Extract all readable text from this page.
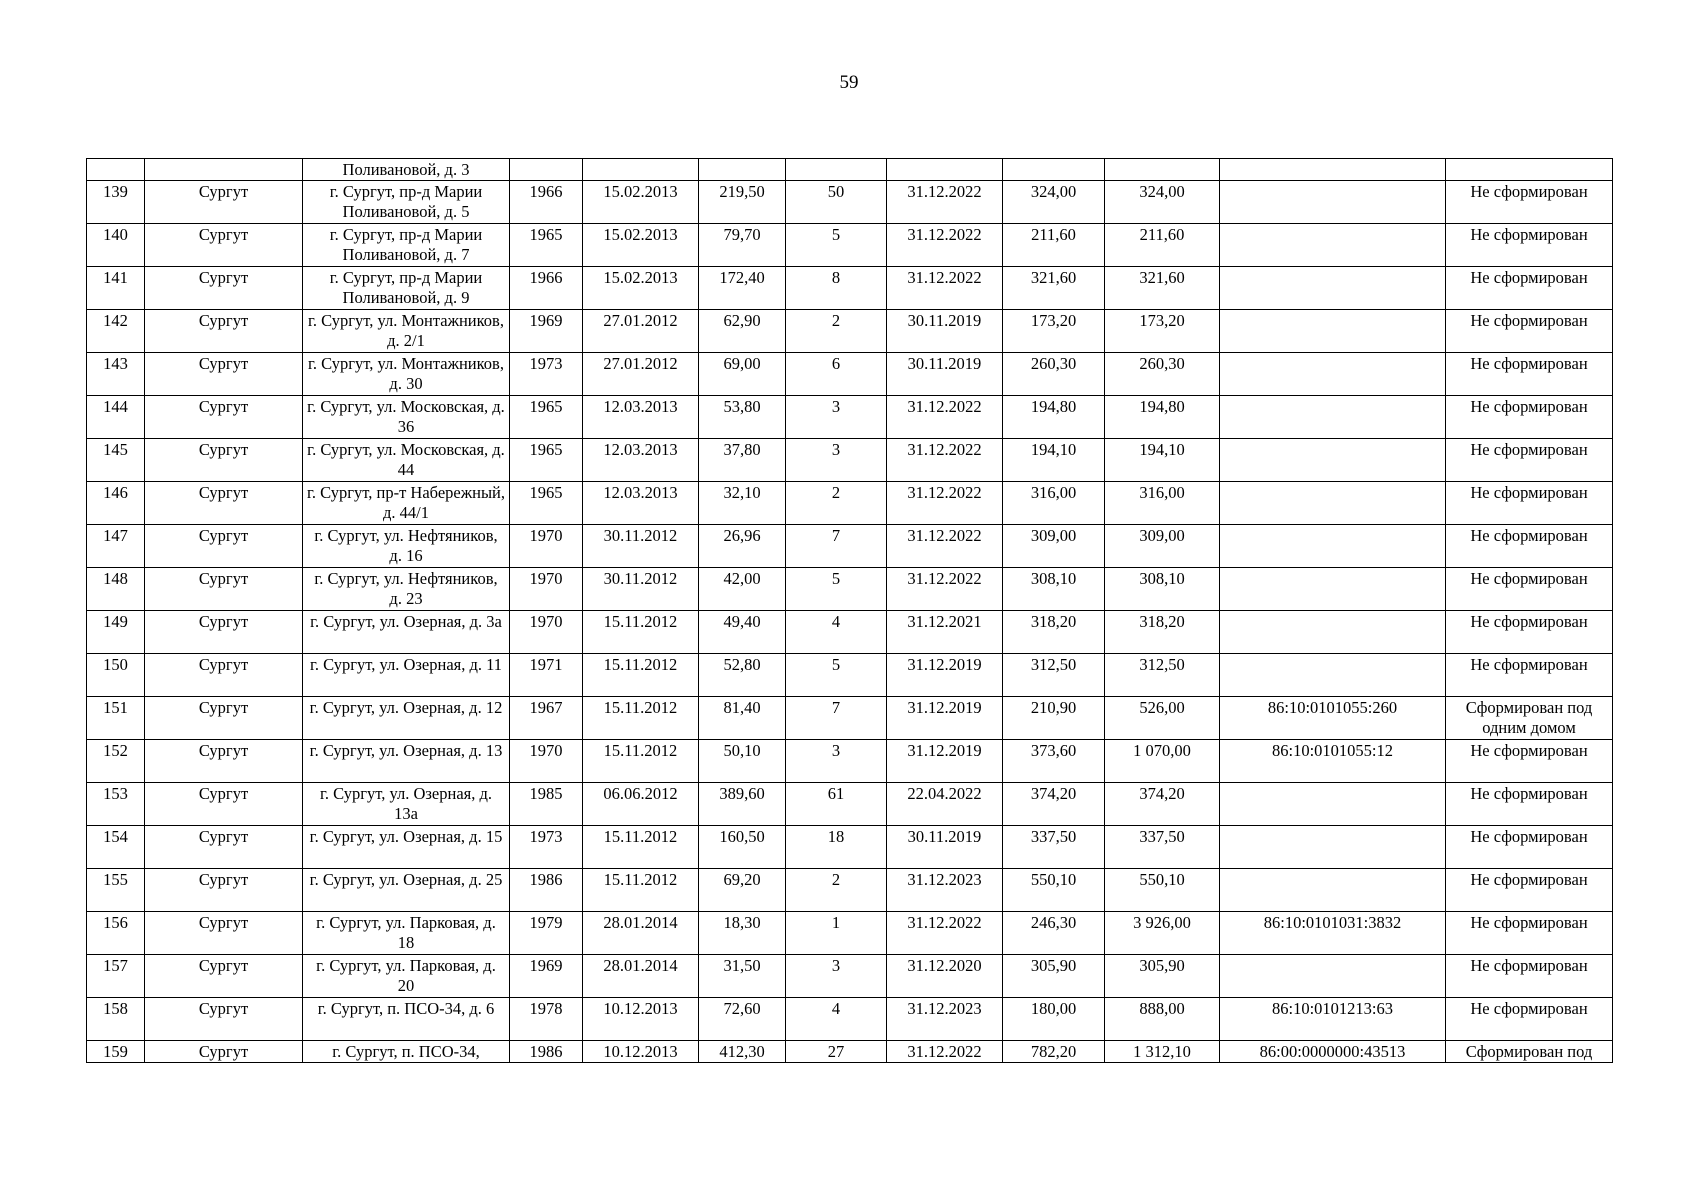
59
		Поливановой, д. 3									
139	Сургут	г. Сургут, пр-д Марии Поливановой, д. 5	1966	15.02.2013	219,50	50	31.12.2022	324,00	324,00		Не сформирован
140	Сургут	г. Сургут, пр-д Марии Поливановой, д. 7	1965	15.02.2013	79,70	5	31.12.2022	211,60	211,60		Не сформирован
141	Сургут	г. Сургут, пр-д Марии Поливановой, д. 9	1966	15.02.2013	172,40	8	31.12.2022	321,60	321,60		Не сформирован
142	Сургут	г. Сургут, ул. Монтажников, д. 2/1	1969	27.01.2012	62,90	2	30.11.2019	173,20	173,20		Не сформирован
143	Сургут	г. Сургут, ул. Монтажников, д. 30	1973	27.01.2012	69,00	6	30.11.2019	260,30	260,30		Не сформирован
144	Сургут	г. Сургут, ул. Московская, д. 36	1965	12.03.2013	53,80	3	31.12.2022	194,80	194,80		Не сформирован
145	Сургут	г. Сургут, ул. Московская, д. 44	1965	12.03.2013	37,80	3	31.12.2022	194,10	194,10		Не сформирован
146	Сургут	г. Сургут, пр-т Набережный, д. 44/1	1965	12.03.2013	32,10	2	31.12.2022	316,00	316,00		Не сформирован
147	Сургут	г. Сургут, ул. Нефтяников, д. 16	1970	30.11.2012	26,96	7	31.12.2022	309,00	309,00		Не сформирован
148	Сургут	г. Сургут, ул. Нефтяников, д. 23	1970	30.11.2012	42,00	5	31.12.2022	308,10	308,10		Не сформирован
149	Сургут	г. Сургут, ул. Озерная, д. 3а	1970	15.11.2012	49,40	4	31.12.2021	318,20	318,20		Не сформирован
150	Сургут	г. Сургут, ул. Озерная, д. 11	1971	15.11.2012	52,80	5	31.12.2019	312,50	312,50		Не сформирован
151	Сургут	г. Сургут, ул. Озерная, д. 12	1967	15.11.2012	81,40	7	31.12.2019	210,90	526,00	86:10:0101055:260	Сформирован под одним домом
152	Сургут	г. Сургут, ул. Озерная, д. 13	1970	15.11.2012	50,10	3	31.12.2019	373,60	1 070,00	86:10:0101055:12	Не сформирован
153	Сургут	г. Сургут, ул. Озерная, д. 13а	1985	06.06.2012	389,60	61	22.04.2022	374,20	374,20		Не сформирован
154	Сургут	г. Сургут, ул. Озерная, д. 15	1973	15.11.2012	160,50	18	30.11.2019	337,50	337,50		Не сформирован
155	Сургут	г. Сургут, ул. Озерная, д. 25	1986	15.11.2012	69,20	2	31.12.2023	550,10	550,10		Не сформирован
156	Сургут	г. Сургут, ул. Парковая, д. 18	1979	28.01.2014	18,30	1	31.12.2022	246,30	3 926,00	86:10:0101031:3832	Не сформирован
157	Сургут	г. Сургут, ул. Парковая, д. 20	1969	28.01.2014	31,50	3	31.12.2020	305,90	305,90		Не сформирован
158	Сургут	г. Сургут, п. ПСО-34, д. 6	1978	10.12.2013	72,60	4	31.12.2023	180,00	888,00	86:10:0101213:63	Не сформирован
159	Сургут	г. Сургут, п. ПСО-34,	1986	10.12.2013	412,30	27	31.12.2022	782,20	1 312,10	86:00:0000000:43513	Сформирован под
